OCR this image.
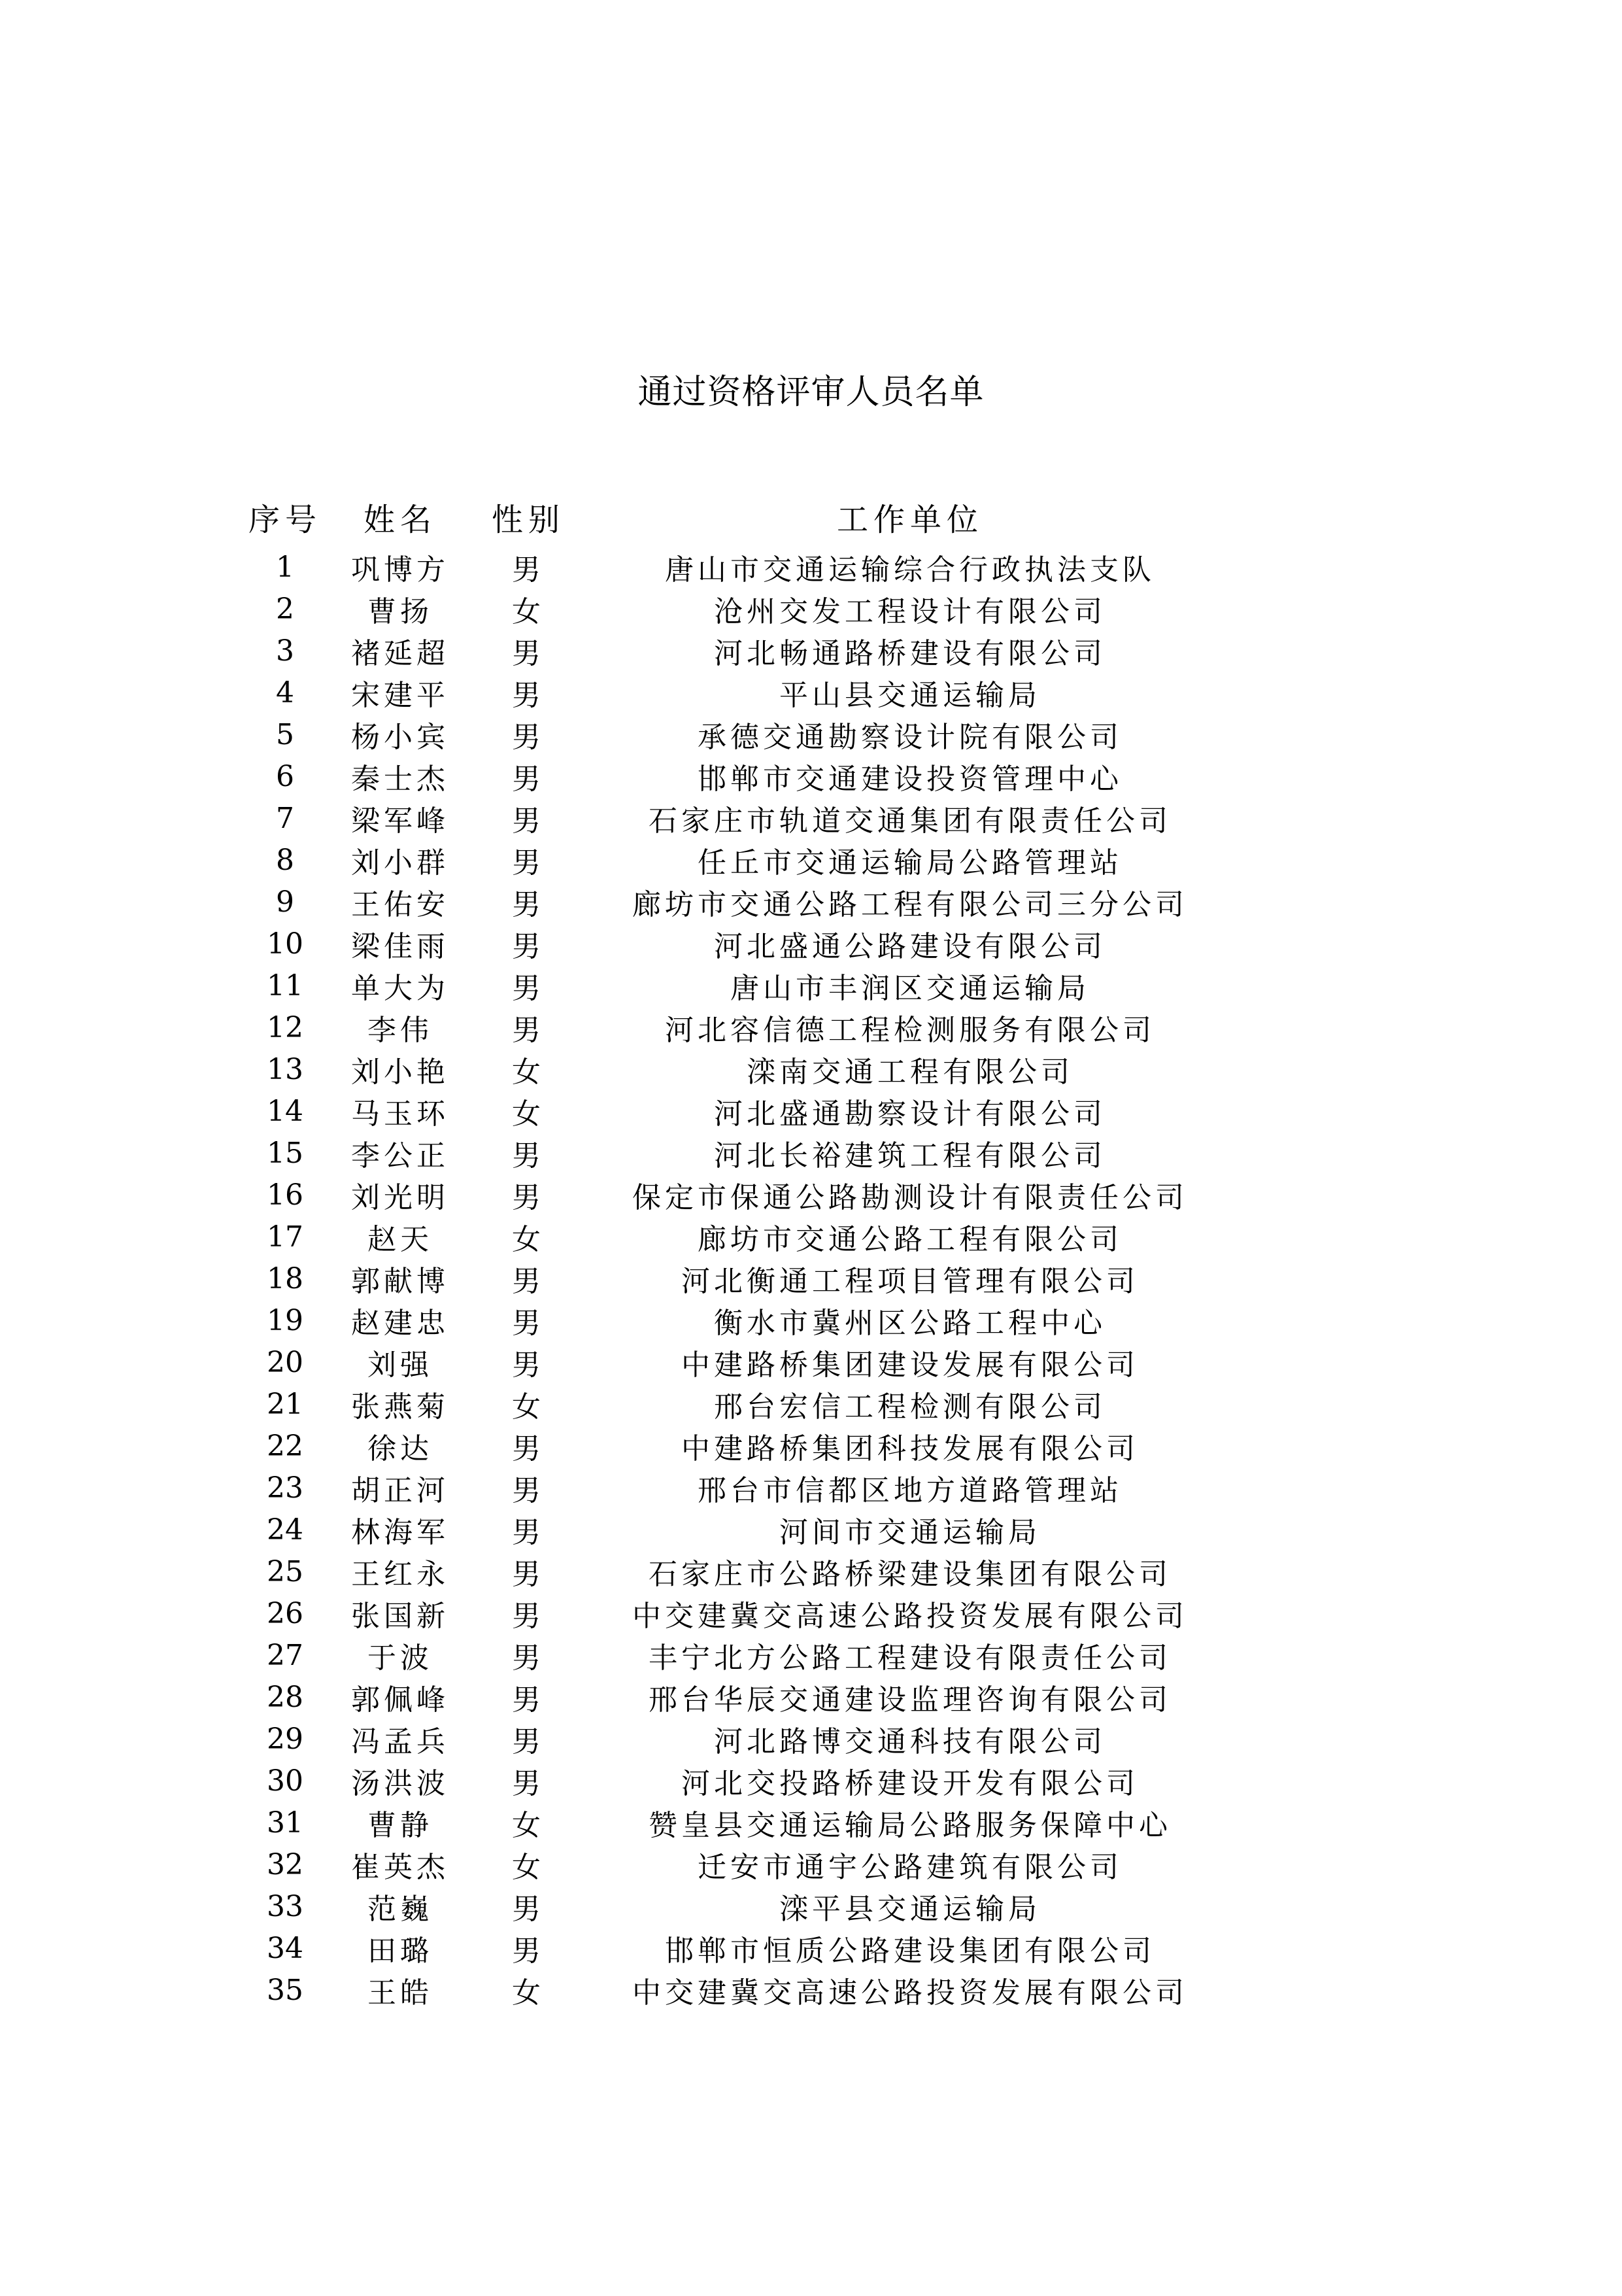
通过资格评审人员名单
序号	姓名	性别	工作单位
1	巩博方	男	唐山市交通运输综合行政执法支队
2	曹扬	女	沧州交发工程设计有限公司
3	褚延超	男	河北畅通路桥建设有限公司
4	宋建平	男	平山县交通运输局
5	杨小宾	男	承德交通勘察设计院有限公司
6	秦士杰	男	邯郸市交通建设投资管理中心
7	梁军峰	男	石家庄市轨道交通集团有限责任公司
8	刘小群	男	任丘市交通运输局公路管理站
9	王佑安	男	廊坊市交通公路工程有限公司三分公司
10	梁佳雨	男	河北盛通公路建设有限公司
11	单大为	男	唐山市丰润区交通运输局
12	李伟	男	河北容信德工程检测服务有限公司
13	刘小艳	女	滦南交通工程有限公司
14	马玉环	女	河北盛通勘察设计有限公司
15	李公正	男	河北长裕建筑工程有限公司
16	刘光明	男	保定市保通公路勘测设计有限责任公司
17	赵天	女	廊坊市交通公路工程有限公司
18	郭献博	男	河北衡通工程项目管理有限公司
19	赵建忠	男	衡水市冀州区公路工程中心
20	刘强	男	中建路桥集团建设发展有限公司
21	张燕菊	女	邢台宏信工程检测有限公司
22	徐达	男	中建路桥集团科技发展有限公司
23	胡正河	男	邢台市信都区地方道路管理站
24	林海军	男	河间市交通运输局
25	王红永	男	石家庄市公路桥梁建设集团有限公司
26	张国新	男	中交建冀交高速公路投资发展有限公司
27	于波	男	丰宁北方公路工程建设有限责任公司
28	郭佩峰	男	邢台华辰交通建设监理咨询有限公司
29	冯孟兵	男	河北路博交通科技有限公司
30	汤洪波	男	河北交投路桥建设开发有限公司
31	曹静	女	赞皇县交通运输局公路服务保障中心
32	崔英杰	女	迁安市通宇公路建筑有限公司
33	范巍	男	滦平县交通运输局
34	田璐	男	邯郸市恒质公路建设集团有限公司
35	王皓	女	中交建冀交高速公路投资发展有限公司
